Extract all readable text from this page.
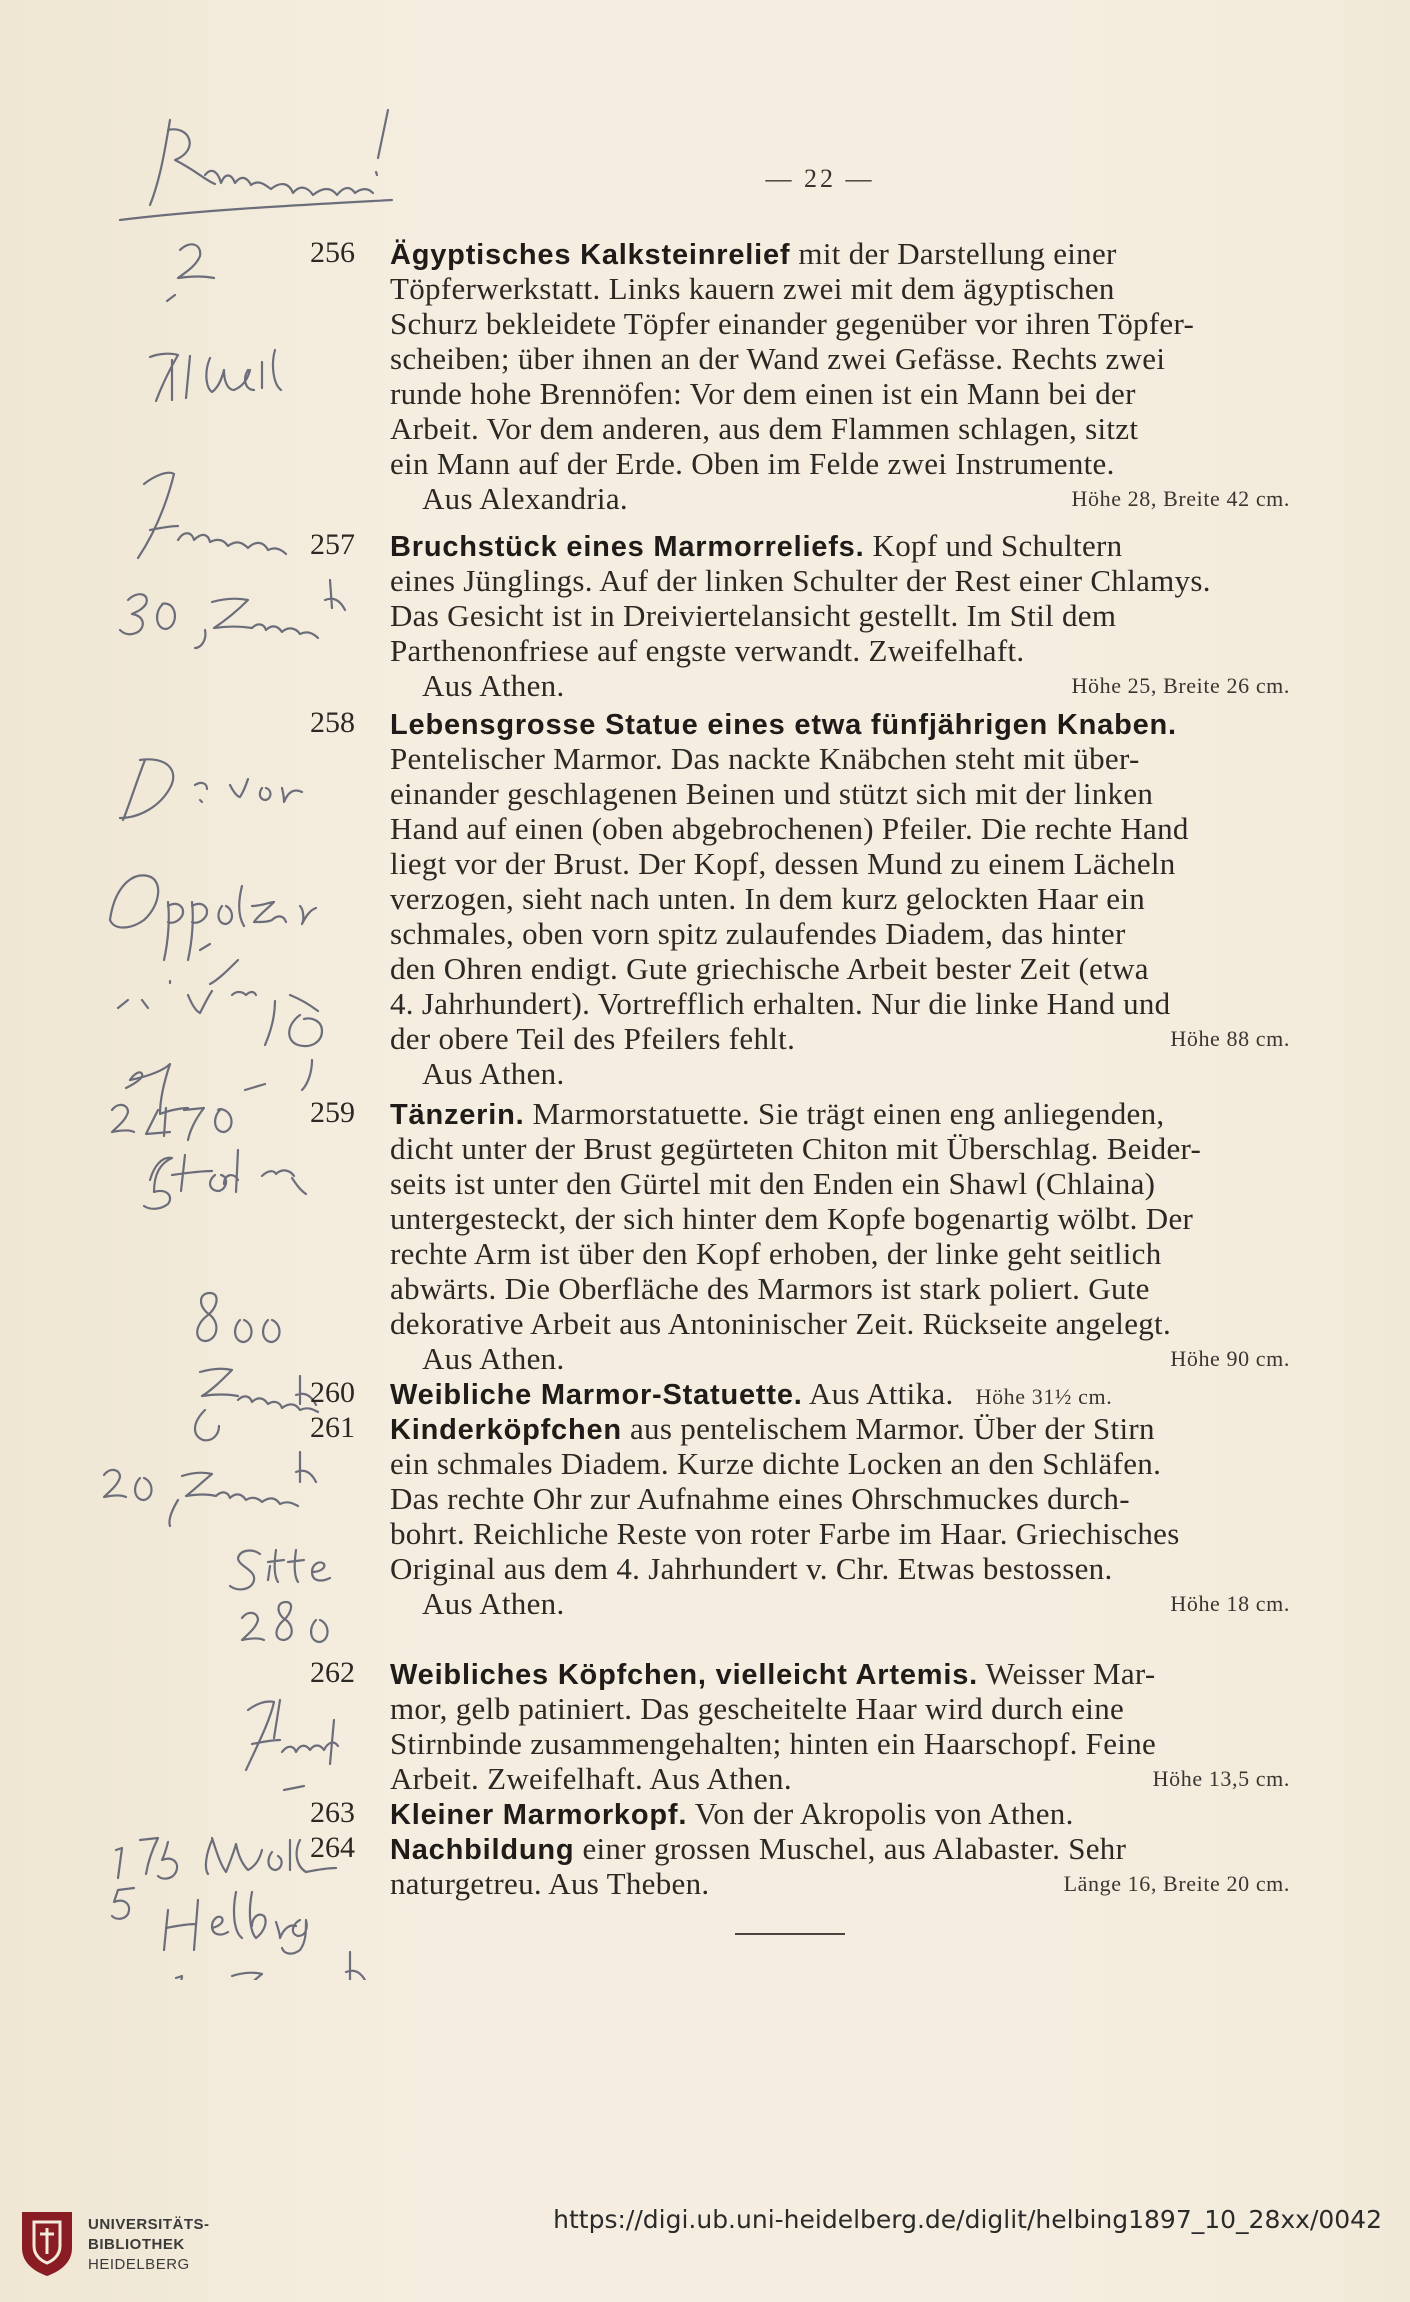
— 22 —
256	Ägyptisches Kalksteinrelief mit der Darstellung einer
Töpferwerkstatt. Links kauern zwei mit dem ägyptischen
Schurz bekleidete Töpfer einander gegenüber vor ihren Töpfer-
scheiben; über ihnen an der Wand zwei Gefässe. Rechts zwei
runde hohe Brennöfen: Vor dem einen ist ein Mann bei der
Arbeit. Vor dem anderen, aus dem Flammen schlagen, sitzt
ein Mann auf der Erde. Oben im Felde zwei Instrumente.
Aus Alexandria.	Höhe 28, Breite 42 cm.
257	Bruchstück eines Marmorreliefs. Kopf und Schultern
eines Jünglings. Auf der linken Schulter der Rest einer Chlamys.
Das Gesicht ist in Dreiviertelansicht gestellt. Im Stil dem
Parthenonfriese auf engste verwandt. Zweifelhaft.
Aus Athen.	Höhe 25, Breite 26 cm.
258	Lebensgrosse Statue eines etwa fünfjährigen Knaben.
Pentelischer Marmor. Das nackte Knäbchen steht mit über-
einander geschlagenen Beinen und stützt sich mit der linken
Hand auf einen (oben abgebrochenen) Pfeiler. Die rechte Hand
liegt vor der Brust. Der Kopf, dessen Mund zu einem Lächeln
verzogen, sieht nach unten. In dem kurz gelockten Haar ein
schmales, oben vorn spitz zulaufendes Diadem, das hinter
den Ohren endigt. Gute griechische Arbeit bester Zeit (etwa
4. Jahrhundert). Vortrefflich erhalten. Nur die linke Hand und
der obere Teil des Pfeilers fehlt.	Höhe 88 cm.
Aus Athen.
259	Tänzerin. Marmorstatuette. Sie trägt einen eng anliegenden,
dicht unter der Brust gegürteten Chiton mit Überschlag. Beider-
seits ist unter den Gürtel mit den Enden ein Shawl (Chlaina)
untergesteckt, der sich hinter dem Kopfe bogenartig wölbt. Der
rechte Arm ist über den Kopf erhoben, der linke geht seitlich
abwärts. Die Oberfläche des Marmors ist stark poliert. Gute
dekorative Arbeit aus Antoninischer Zeit. Rückseite angelegt.
Aus Athen.	Höhe 90 cm.
260	Weibliche Marmor-Statuette. Aus Attika. Höhe 31½ cm.
261	Kinderköpfchen aus pentelischem Marmor. Über der Stirn
ein schmales Diadem. Kurze dichte Locken an den Schläfen.
Das rechte Ohr zur Aufnahme eines Ohrschmuckes durch-
bohrt. Reichliche Reste von roter Farbe im Haar. Griechisches
Original aus dem 4. Jahrhundert v. Chr. Etwas bestossen.
Aus Athen.	Höhe 18 cm.
262	Weibliches Köpfchen, vielleicht Artemis. Weisser Mar-
mor, gelb patiniert. Das gescheitelte Haar wird durch eine
Stirnbinde zusammengehalten; hinten ein Haarschopf. Feine
Arbeit. Zweifelhaft. Aus Athen.	Höhe 13,5 cm.
263	Kleiner Marmorkopf. Von der Akropolis von Athen.
264	Nachbildung einer grossen Muschel, aus Alabaster. Sehr
naturgetreu. Aus Theben.	Länge 16, Breite 20 cm.
UNIVERSITÄTS-
BIBLIOTHEK
HEIDELBERG
https://digi.ub.uni-heidelberg.de/diglit/helbing1897_10_28xx/0042
